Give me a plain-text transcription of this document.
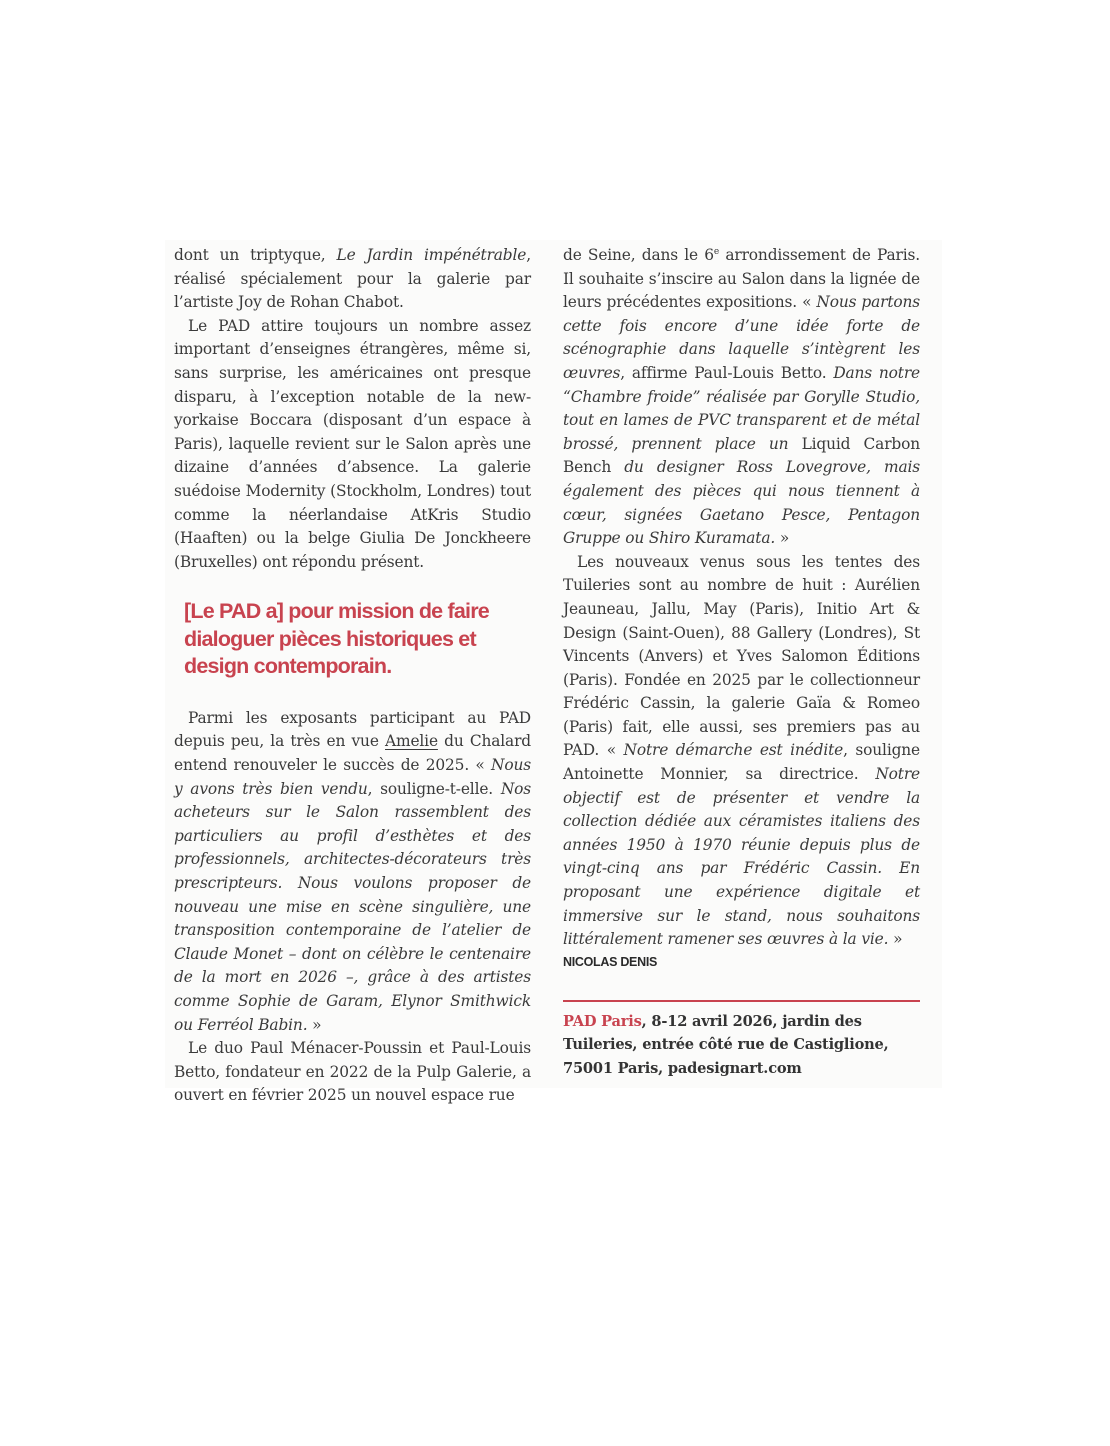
dont un triptyque, Le Jardin impénétrable, réalisé spécialement pour la galerie par l’artiste Joy de Rohan Chabot.

Le PAD attire toujours un nombre assez important d’enseignes étrangères, même si, sans surprise, les américaines ont presque disparu, à l’exception notable de la new-yorkaise Boccara (disposant d’un espace à Paris), laquelle revient sur le Salon après une dizaine d’années d’absence. La galerie suédoise Modernity (Stockholm, Londres) tout comme la néerlandaise AtKris Studio (Haaften) ou la belge Giulia De Jonckheere (Bruxelles) ont répondu présent.

[Le PAD a] pour mission de faire dialoguer pièces historiques et design contemporain.

Parmi les exposants participant au PAD depuis peu, la très en vue Amelie du Chalard entend renouveler le succès de 2025. « Nous y avons très bien vendu, souligne-t-elle. Nos acheteurs sur le Salon rassemblent des particuliers au profil d’esthètes et des professionnels, architectes-décorateurs très prescripteurs. Nous voulons proposer de nouveau une mise en scène singulière, une transposition contemporaine de l’atelier de Claude Monet – dont on célèbre le centenaire de la mort en 2026 –, grâce à des artistes comme Sophie de Garam, Elynor Smithwick ou Ferréol Babin. »

Le duo Paul Ménacer-Poussin et Paul-Louis Betto, fondateur en 2022 de la Pulp Galerie, a ouvert en février 2025 un nouvel espace rue

de Seine, dans le 6e arrondissement de Paris. Il souhaite s’inscire au Salon dans la lignée de leurs précédentes expositions. « Nous partons cette fois encore d’une idée forte de scénographie dans laquelle s’intègrent les œuvres, affirme Paul-Louis Betto. Dans notre “Chambre froide” réalisée par Gorylle Studio, tout en lames de PVC transparent et de métal brossé, prennent place un Liquid Carbon Bench du designer Ross Lovegrove, mais également des pièces qui nous tiennent à cœur, signées Gaetano Pesce, Pentagon Gruppe ou Shiro Kuramata. »

Les nouveaux venus sous les tentes des Tuileries sont au nombre de huit : Aurélien Jeauneau, Jallu, May (Paris), Initio Art & Design (Saint-Ouen), 88 Gallery (Londres), St Vincents (Anvers) et Yves Salomon Éditions (Paris). Fondée en 2025 par le collectionneur Frédéric Cassin, la galerie Gaïa & Romeo (Paris) fait, elle aussi, ses premiers pas au PAD. « Notre démarche est inédite, souligne Antoinette Monnier, sa directrice. Notre objectif est de présenter et vendre la collection dédiée aux céramistes italiens des années 1950 à 1970 réunie depuis plus de vingt-cinq ans par Frédéric Cassin. En proposant une expérience digitale et immersive sur le stand, nous souhaitons littéralement ramener ses œuvres à la vie. »

NICOLAS DENIS
PAD Paris, 8-12 avril 2026, jardin des Tuileries, entrée côté rue de Castiglione, 75001 Paris, padesignart.com
